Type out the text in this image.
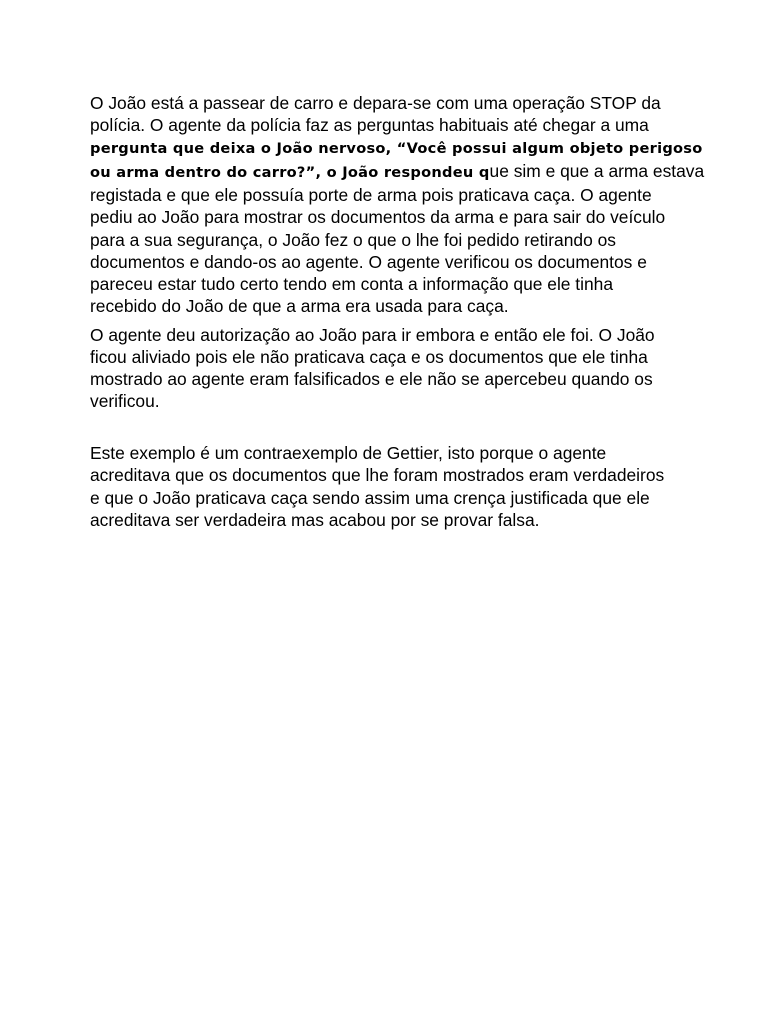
O João está a passear de carro e depara-se com uma operação STOP da
polícia. O agente da polícia faz as perguntas habituais até chegar a uma
pergunta que deixa o João nervoso, “Você possui algum objeto perigoso
ou arma dentro do carro?”, o João respondeu que sim e que a arma estava
registada e que ele possuía porte de arma pois praticava caça. O agente
pediu ao João para mostrar os documentos da arma e para sair do veículo
para a sua segurança, o João fez o que o lhe foi pedido retirando os
documentos e dando-os ao agente. O agente verificou os documentos e
pareceu estar tudo certo tendo em conta a informação que ele tinha
recebido do João de que a arma era usada para caça.
O agente deu autorização ao João para ir embora e então ele foi. O João
ficou aliviado pois ele não praticava caça e os documentos que ele tinha
mostrado ao agente eram falsificados e ele não se apercebeu quando os
verificou.
Este exemplo é um contraexemplo de Gettier, isto porque o agente
acreditava que os documentos que lhe foram mostrados eram verdadeiros
e que o João praticava caça sendo assim uma crença justificada que ele
acreditava ser verdadeira mas acabou por se provar falsa.
